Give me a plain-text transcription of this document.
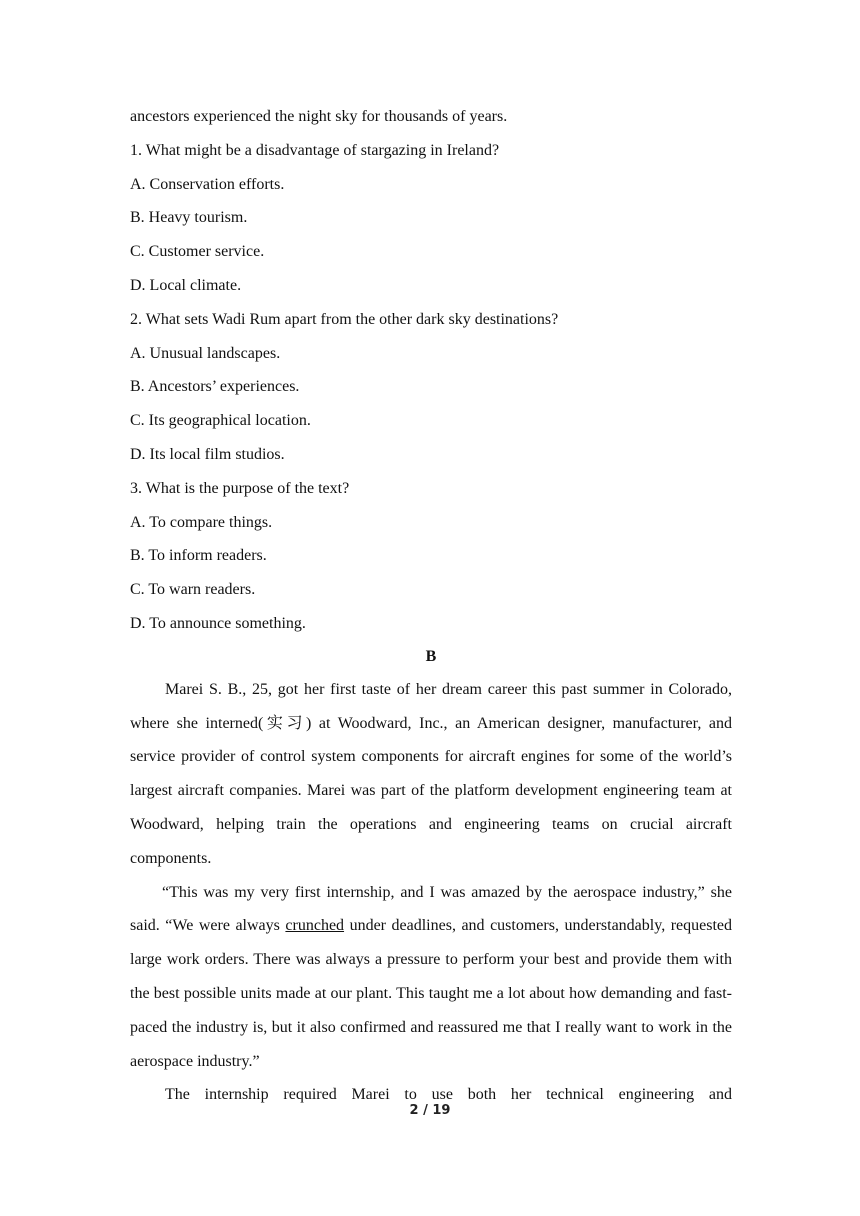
ancestors experienced the night sky for thousands of years.
1. What might be a disadvantage of stargazing in Ireland?
A. Conservation efforts.
B. Heavy tourism.
C. Customer service.
D. Local climate.
2. What sets Wadi Rum apart from the other dark sky destinations?
A. Unusual landscapes.
B. Ancestors’ experiences.
C. Its geographical location.
D. Its local film studios.
3. What is the purpose of the text?
A. To compare things.
B. To inform readers.
C. To warn readers.
D. To announce something.
B

Marei S. B., 25, got her first taste of her dream career this past summer in Colorado, where she interned(实习) at Woodward, Inc., an American designer, manufacturer, and service provider of control system components for aircraft engines for some of the world’s largest aircraft companies. Marei was part of the platform development engineering team at Woodward, helping train the operations and engineering teams on crucial aircraft components.

“This was my very first internship, and I was amazed by the aerospace industry,” she said. “We were always crunched under deadlines, and customers, understandably, requested large work orders. There was always a pressure to perform your best and provide them with the best possible units made at our plant. This taught me a lot about how demanding and fast-paced the industry is, but it also confirmed and reassured me that I really want to work in the aerospace industry.”

The internship required Marei to use both her technical engineering and

2 / 19
